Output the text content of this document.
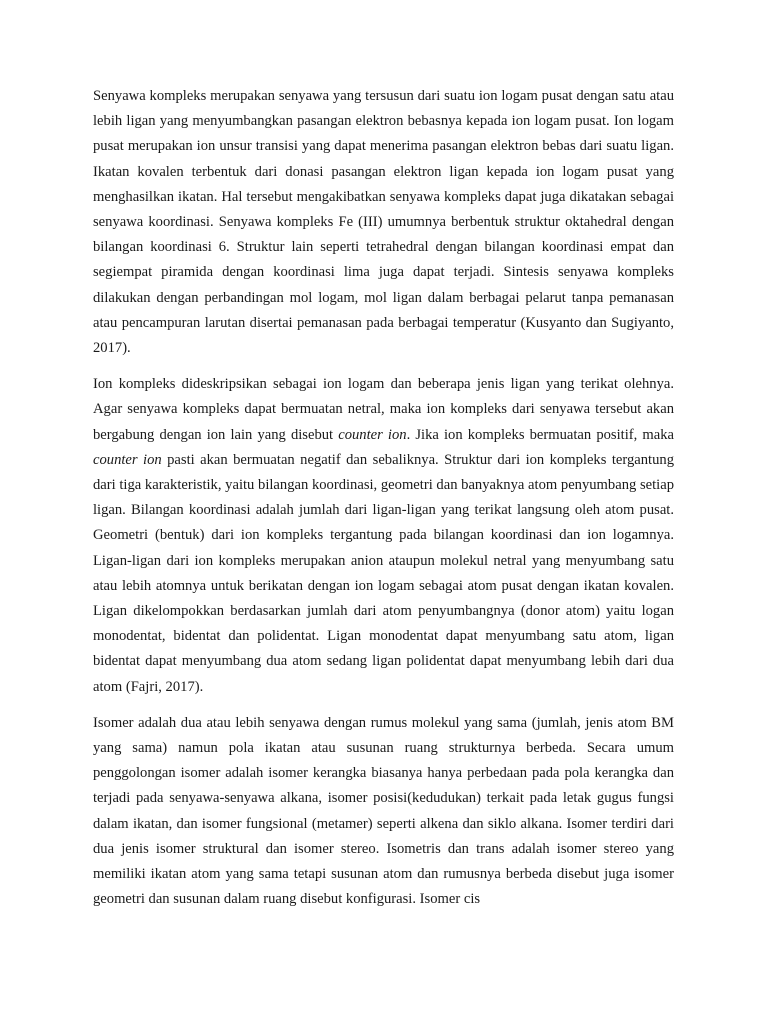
Senyawa kompleks merupakan senyawa yang tersusun dari suatu ion logam pusat dengan satu atau lebih ligan yang menyumbangkan pasangan elektron bebasnya kepada ion logam pusat. Ion logam pusat merupakan ion unsur transisi yang dapat menerima pasangan elektron bebas dari suatu ligan. Ikatan kovalen terbentuk dari donasi pasangan elektron ligan kepada ion logam pusat yang menghasilkan ikatan. Hal tersebut mengakibatkan senyawa kompleks dapat juga dikatakan sebagai senyawa koordinasi. Senyawa kompleks Fe (III) umumnya berbentuk struktur oktahedral dengan bilangan koordinasi 6. Struktur lain seperti tetrahedral dengan bilangan koordinasi empat dan segiempat piramida dengan koordinasi lima juga dapat terjadi. Sintesis senyawa kompleks dilakukan dengan perbandingan mol logam, mol ligan dalam berbagai pelarut tanpa pemanasan atau pencampuran larutan disertai pemanasan pada berbagai temperatur (Kusyanto dan Sugiyanto, 2017).

Ion kompleks dideskripsikan sebagai ion logam dan beberapa jenis ligan yang terikat olehnya. Agar senyawa kompleks dapat bermuatan netral, maka ion kompleks dari senyawa tersebut akan bergabung dengan ion lain yang disebut counter ion. Jika ion kompleks bermuatan positif, maka counter ion pasti akan bermuatan negatif dan sebaliknya. Struktur dari ion kompleks tergantung dari tiga karakteristik, yaitu bilangan koordinasi, geometri dan banyaknya atom penyumbang setiap ligan. Bilangan koordinasi adalah jumlah dari ligan-ligan yang terikat langsung oleh atom pusat. Geometri (bentuk) dari ion kompleks tergantung pada bilangan koordinasi dan ion logamnya. Ligan-ligan dari ion kompleks merupakan anion ataupun molekul netral yang menyumbang satu atau lebih atomnya untuk berikatan dengan ion logam sebagai atom pusat dengan ikatan kovalen. Ligan dikelompokkan berdasarkan jumlah dari atom penyumbangnya (donor atom) yaitu logan monodentat, bidentat dan polidentat. Ligan monodentat dapat menyumbang satu atom, ligan bidentat dapat menyumbang dua atom sedang ligan polidentat dapat menyumbang lebih dari dua atom (Fajri, 2017).

Isomer adalah dua atau lebih senyawa dengan rumus molekul yang sama (jumlah, jenis atom BM yang sama) namun pola ikatan atau susunan ruang strukturnya berbeda. Secara umum penggolongan isomer adalah isomer kerangka biasanya hanya perbedaan pada pola kerangka dan terjadi pada senyawa-senyawa alkana, isomer posisi(kedudukan) terkait pada letak gugus fungsi dalam ikatan, dan isomer fungsional (metamer) seperti alkena dan siklo alkana. Isomer terdiri dari dua jenis isomer struktural dan isomer stereo. Isometris dan trans adalah isomer stereo yang memiliki ikatan atom yang sama tetapi susunan atom dan rumusnya berbeda disebut juga isomer geometri dan susunan dalam ruang disebut konfigurasi. Isomer cis
